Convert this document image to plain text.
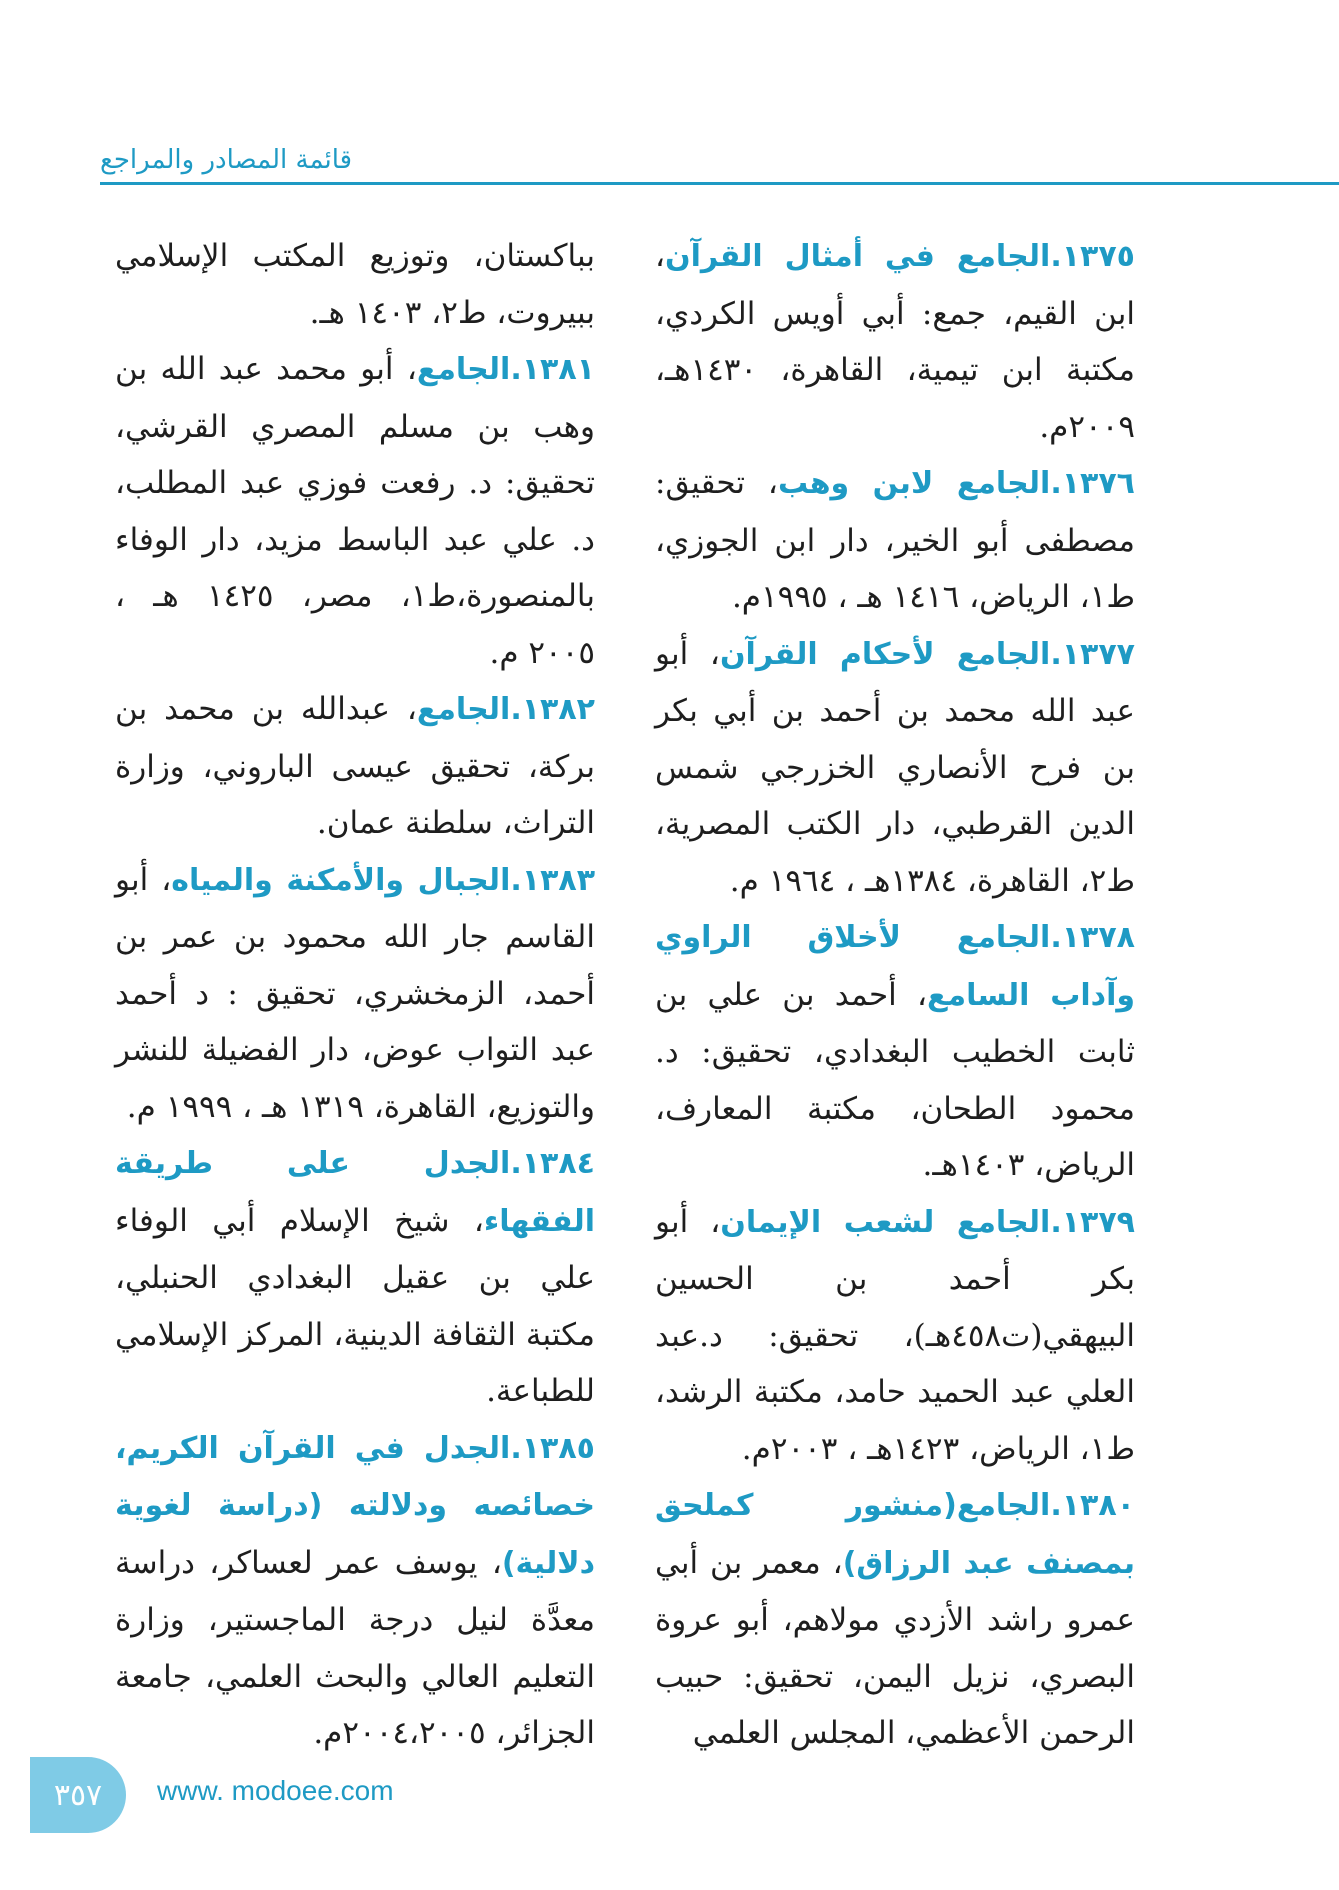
قائمة المصادر والمراجع

١٣٧٥.الجامع في أمثال القرآن، ابن القيم، جمع: أبي أويس الكردي، مكتبة ابن تيمية، القاهرة، ١٤٣٠هـ، ٢٠٠٩م.

١٣٧٦.الجامع لابن وهب، تحقيق: مصطفى أبو الخير، دار ابن الجوزي، ط١، الرياض، ١٤١٦ هـ ، ١٩٩٥م.

١٣٧٧.الجامع لأحكام القرآن، أبو عبد الله محمد بن أحمد بن أبي بكر بن فرح الأنصاري الخزرجي شمس الدين القرطبي، دار الكتب المصرية، ط٢، القاهرة، ١٣٨٤هـ ، ١٩٦٤ م.

١٣٧٨.الجامع لأخلاق الراوي وآداب السامع، أحمد بن علي بن ثابت الخطيب البغدادي، تحقيق: د. محمود الطحان، مكتبة المعارف، الرياض، ١٤٠٣هـ.

١٣٧٩.الجامع لشعب الإيمان، أبو بكر أحمد بن الحسين البيهقي(ت٤٥٨هـ)، تحقيق: د.عبد العلي عبد الحميد حامد، مكتبة الرشد، ط١، الرياض، ١٤٢٣هـ ، ٢٠٠٣م.

١٣٨٠.الجامع(منشور كملحق بمصنف عبد الرزاق)، معمر بن أبي عمرو راشد الأزدي مولاهم، أبو عروة البصري، نزيل اليمن، تحقيق: حبيب الرحمن الأعظمي، المجلس العلمي

بباكستان، وتوزيع المكتب الإسلامي ببيروت، ط٢، ١٤٠٣ هـ.

١٣٨١.الجامع، أبو محمد عبد الله بن وهب بن مسلم المصري القرشي، تحقيق: د. رفعت فوزي عبد المطلب، د. علي عبد الباسط مزيد، دار الوفاء بالمنصورة،ط١، مصر، ١٤٢٥ هـ ، ٢٠٠٥ م.

١٣٨٢.الجامع، عبدالله بن محمد بن بركة، تحقيق عيسى الباروني، وزارة التراث، سلطنة عمان.

١٣٨٣.الجبال والأمكنة والمياه، أبو القاسم جار الله محمود بن عمر بن أحمد، الزمخشري، تحقيق : د أحمد عبد التواب عوض، دار الفضيلة للنشر والتوزيع، القاهرة، ١٣١٩ هـ ، ١٩٩٩ م.

١٣٨٤.الجدل على طريقة الفقهاء، شيخ الإسلام أبي الوفاء علي بن عقيل البغدادي الحنبلي، مكتبة الثقافة الدينية، المركز الإسلامي للطباعة.

١٣٨٥.الجدل في القرآن الكريم، خصائصه ودلالته (دراسة لغوية دلالية)، يوسف عمر لعساكر، دراسة معدَّة لنيل درجة الماجستير، وزارة التعليم العالي والبحث العلمي، جامعة الجزائر، ٢٠٠٤،٢٠٠٥م.

٣٥٧	www. modoee.com
